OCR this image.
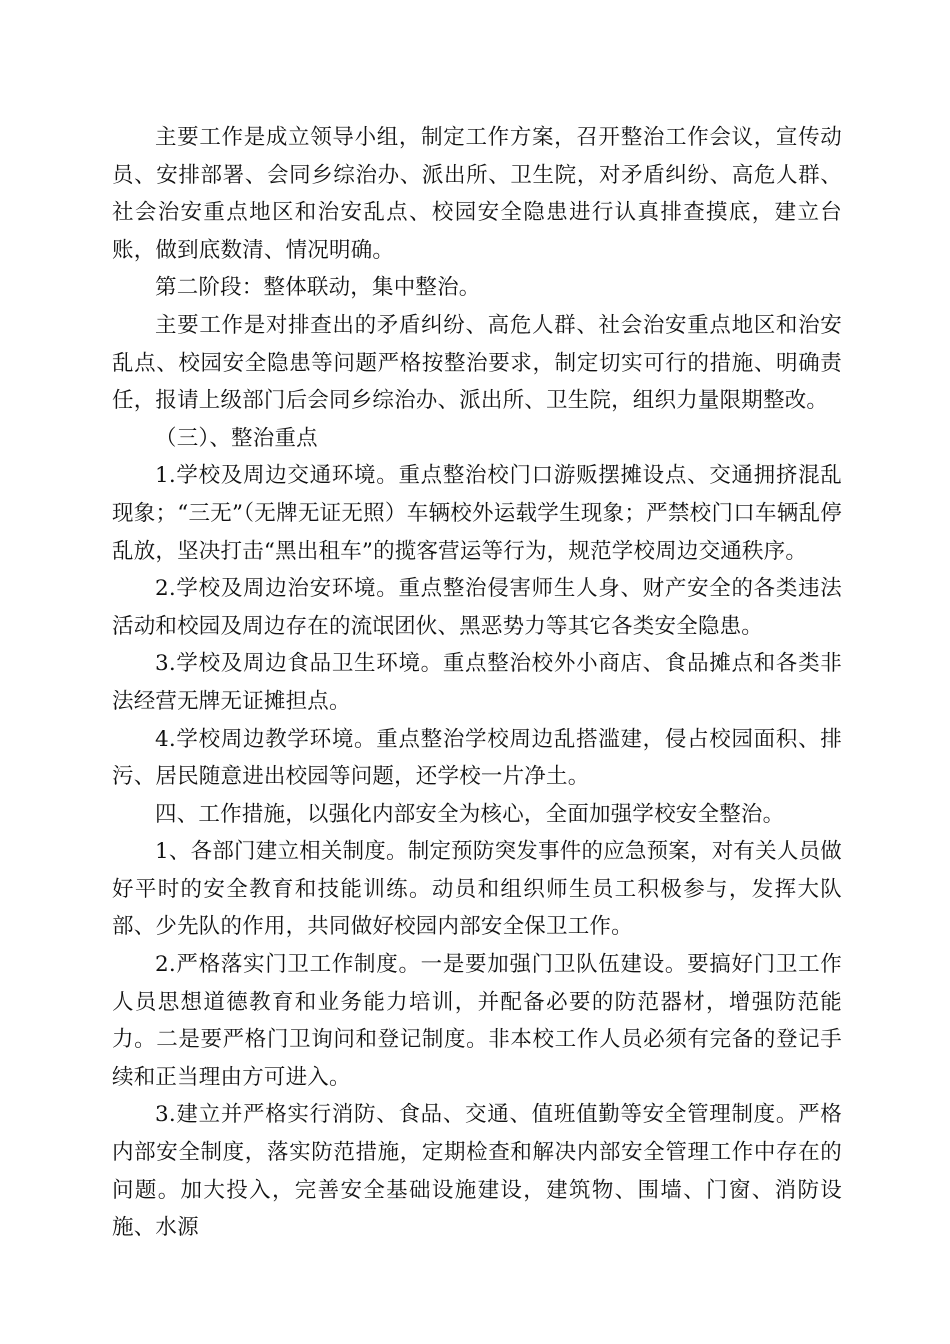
主要工作是成立领导小组，制定工作方案，召开整治工作会议，宣传动员、安排部署、会同乡综治办、派出所、卫生院，对矛盾纠纷、高危人群、社会治安重点地区和治安乱点、校园安全隐患进行认真排查摸底，建立台账，做到底数清、情况明确。

第二阶段：整体联动，集中整治。

主要工作是对排查出的矛盾纠纷、高危人群、社会治安重点地区和治安乱点、校园安全隐患等问题严格按整治要求，制定切实可行的措施、明确责任，报请上级部门后会同乡综治办、派出所、卫生院，组织力量限期整改。

（三）、整治重点

1.学校及周边交通环境。重点整治校门口游贩摆摊设点、交通拥挤混乱现象；“三无”（无牌无证无照）车辆校外运载学生现象；严禁校门口车辆乱停乱放，坚决打击“黑出租车”的揽客营运等行为，规范学校周边交通秩序。

2.学校及周边治安环境。重点整治侵害师生人身、财产安全的各类违法活动和校园及周边存在的流氓团伙、黑恶势力等其它各类安全隐患。

3.学校及周边食品卫生环境。重点整治校外小商店、食品摊点和各类非法经营无牌无证摊担点。

4.学校周边教学环境。重点整治学校周边乱搭滥建，侵占校园面积、排污、居民随意进出校园等问题，还学校一片净土。

四、工作措施，以强化内部安全为核心，全面加强学校安全整治。

1、各部门建立相关制度。制定预防突发事件的应急预案，对有关人员做好平时的安全教育和技能训练。动员和组织师生员工积极参与，发挥大队部、少先队的作用，共同做好校园内部安全保卫工作。

2.严格落实门卫工作制度。一是要加强门卫队伍建设。要搞好门卫工作人员思想道德教育和业务能力培训，并配备必要的防范器材，增强防范能力。二是要严格门卫询问和登记制度。非本校工作人员必须有完备的登记手续和正当理由方可进入。

3.建立并严格实行消防、食品、交通、值班值勤等安全管理制度。严格内部安全制度，落实防范措施，定期检查和解决内部安全管理工作中存在的问题。加大投入，完善安全基础设施建设，建筑物、围墙、门窗、消防设施、水源
